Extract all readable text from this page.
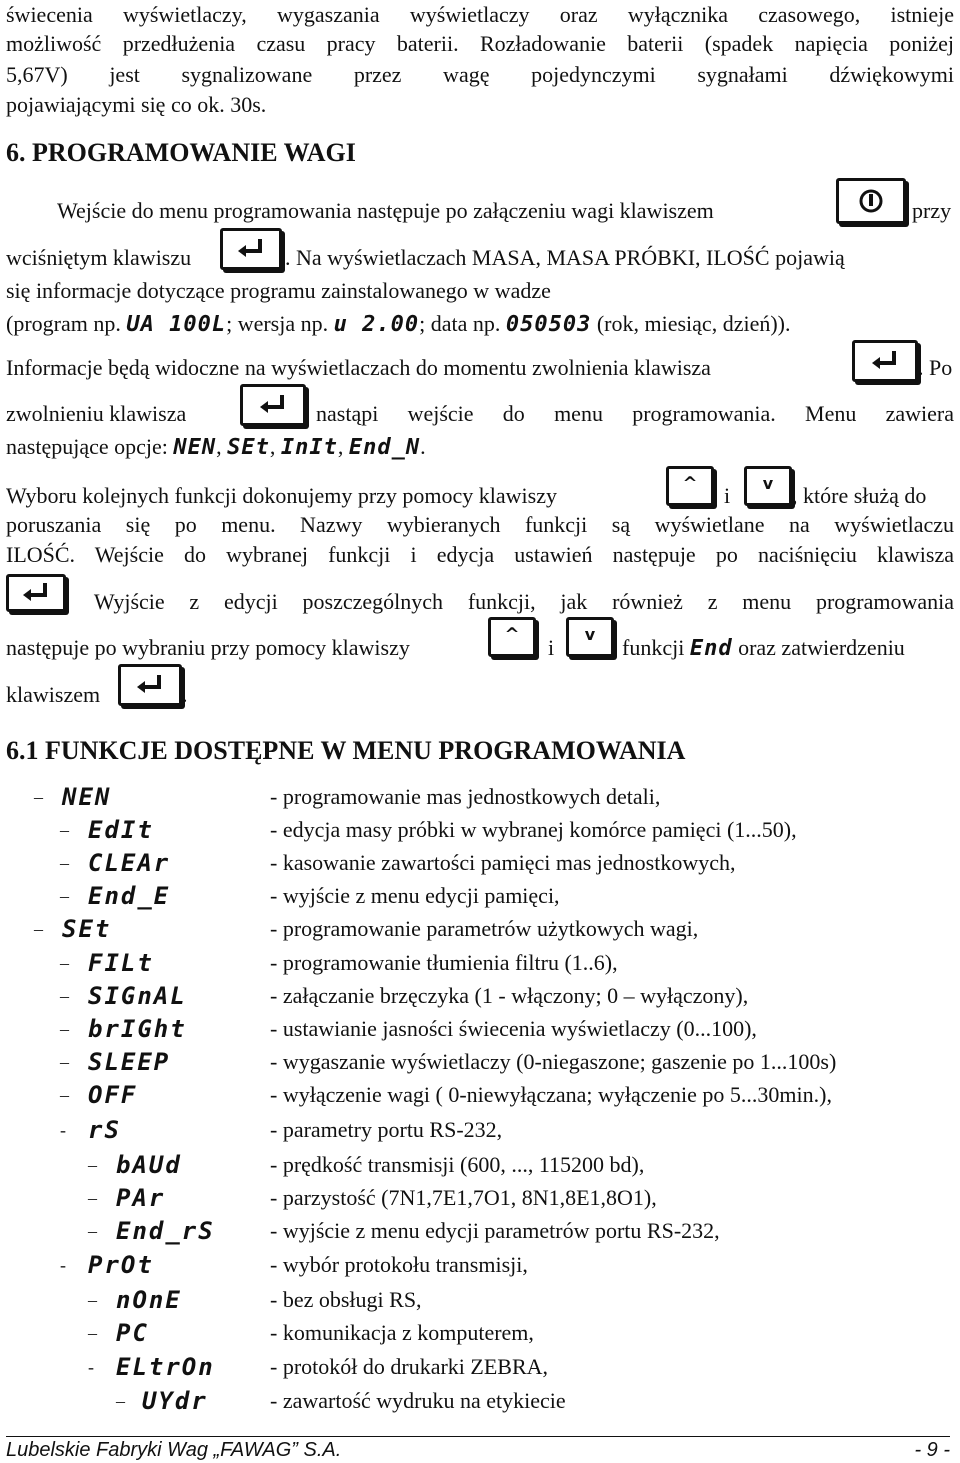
świecenia wyświetlaczy, wygaszania wyświetlaczy oraz wyłącznika czasowego, istnieje
możliwość przedłużenia czasu pracy baterii. Rozładowanie baterii (spadek napięcia poniżej
5,67V) jest sygnalizowane przez wagę pojedynczymi sygnałami dźwiękowymi
pojawiającymi się co ok. 30s.
6. PROGRAMOWANIE WAGI
Wejście do menu programowania następuje po załączeniu wagi klawiszem	przy
wciśniętym klawiszu	. Na wyświetlaczach MASA, MASA PRÓBKI, ILOŚĆ pojawią
się informacje dotyczące programu zainstalowanego w wadze
(program np. UA 100L; wersja np. u 2.00; data np. 050503 (rok, miesiąc, dzień)).
Informacje będą widoczne na wyświetlaczach do momentu zwolnienia klawisza	. Po
zwolnieniu klawisza	nastąpi wejście do menu programowania. Menu zawiera
następujące opcje: NEN, SEt, InIt, End_N.
Wyboru kolejnych funkcji dokonujemy przy pomocy klawiszy	^	i	v , które służą do
poruszania się po menu. Nazwy wybieranych funkcji są wyświetlane na wyświetlaczu
ILOŚĆ. Wejście do wybranej funkcji i edycja ustawień następuje po naciśnięciu klawisza
. Wyjście z edycji poszczególnych funkcji, jak również z menu programowania
następuje po wybraniu przy pomocy klawiszy
^
i
v
funkcji End oraz zatwierdzeniu
klawiszem	.
6.1 FUNKCJE DOSTĘPNE W MENU PROGRAMOWANIA
– NEN	- programowanie mas jednostkowych detali,
– EdIt	- edycja masy próbki w wybranej komórce pamięci (1...50),
– CLEAr	- kasowanie zawartości pamięci mas jednostkowych,
– End_E	- wyjście z menu edycji pamięci,
– SEt	- programowanie parametrów użytkowych wagi,
– FILt	- programowanie tłumienia filtru (1..6),
– SIGnAL	- załączanie brzęczyka (1 - włączony; 0 – wyłączony),
– brIGht	- ustawianie jasności świecenia wyświetlaczy (0...100),
– SLEEP	- wygaszanie wyświetlaczy (0-niegaszone; gaszenie po 1...100s)
– OFF	- wyłączenie wagi ( 0-niewyłączana; wyłączenie po 5...30min.),
- rS	- parametry portu RS-232,
– bAUd	- prędkość transmisji (600, ..., 115200 bd),
– PAr	- parzystość (7N1,7E1,7O1, 8N1,8E1,8O1),
– End_rS	- wyjście z menu edycji parametrów portu RS-232,
- PrOt	- wybór protokołu transmisji,
– nOnE	- bez obsługi RS,
– PC	- komunikacja z komputerem,
- ELtrOn	- protokół do drukarki ZEBRA,
– UYdr	- zawartość wydruku na etykiecie
Lubelskie Fabryki Wag „FAWAG” S.A.	- 9 -
